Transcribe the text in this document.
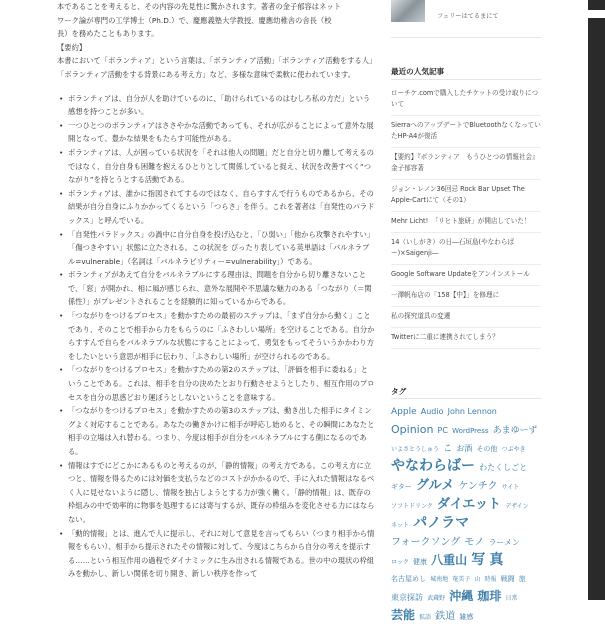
本であることを考えると、その内容の先見性に驚かされます。著者の金子郁容はネット
ワーク論が専門の工学博士（Ph.D.）で、慶應義塾大学教授、慶應幼稚舎の舎長（校
長）を務めたこともあります。

【要約】

本書において「ボランティア」という言葉は、「ボランティア活動」「ボランティア活動をする人」「ボランティア活動をする背景にある考え方」など、多様な意味で柔軟に使われています。

• ボランティアは、自分が人を助けているのに、「助けられているのはむしろ私の方だ」という感想を持つことが多い。
• 一つひとつのボランティアはささやかな活動であっても、それが広がることによって意外な展開となって、豊かな結果をもたらす可能性がある。
• ボランティアは、人が困っている状況を「それは他人の問題」だと自分と切り離して考えるのではなく、自分自身も困難を抱えるひとりとして関係していると捉え、状況を改善すべく“つながり”を持とうとする活動である。
• ボランティアは、誰かに指図されてするのではなく、自らすすんで行うものであるから、その結果が自分自身にふりかかってくるという「つらさ」を伴う。これを著者は「自発性のパラドックス」と呼んでいる。
• 「自発性パラドックス」の渦中に自分自身を投げ込むと、「ひ弱い」「他から攻撃されやすい」「傷つきやすい」状態に立たされる。この状況を ぴったり表している英単語は「バルネラブル=vulnerable」（名詞は「バルネラビリティー=vulnerability」）である。
• ボランティアがあえて自分をバルネラブルにする理由は、問題を自分から切り離さないことで、「窓」が開かれ、相に風が感じられ、意外な展開や不思議な魅力のある「つながり（＝関係性）」がプレゼントされることを経験的に知っているからである。
• 「つながりをつけるプロセス」を動かすための最初のステップは、「まず自分から動く」ことであり、そのことで相手から力をもらうのに「ふさわしい場所」を空けることである。自分からすすんで自らをバルネラブルな状態にすることによって、勇気をもってそういうかかわり方をしたいという意思が相手に伝わり、「ふさわしい場所」が空けられるのである。
• 「つながりをつけるプロセス」を動かすための第2のステップは、「評価を相手に委ねる」ということである。これは、相手を自分の決めたとおり行動させようとしたり、相互作用のプロセスを自分の思惑どおり運ぼうとしないということを意味する。
• 「つながりをつけるプロセス」を動かすための第3のステップは、動き出した相手にタイミングよく対応することである。あなたの働きかけに相手が呼応し始めると、その瞬間にあなたと相手の立場は入れ替わる。つまり、今度は相手が自分をバルネラブルにする側になるのである。
• 情報はすでにどこかにあるものと考えるのが、「静的情報」の考え方である。この考え方に立つと、情報を得るためには対価を支払うなどのコストがかかるので、手に入れた情報はなるべく人に見せないように隠し、情報を独占しようとする力が強く働く。「静的情報」は、既存の枠組みの中で効率的に物事を処理するには寄与するが、既存の枠組みを変化させる力にはならない。
• 「動的情報」とは、進んで人に提示し、それに対して意見を言ってもらい（つまり相手から情報をもらい）、相手から提示されたその情報に対して、今度はこちらから自分の考えを提示する……という相互作用の過程でダイナミックに生み出される情報である。世の中の現状の枠組みを動かし、新しい関係を切り開き、新しい秩序を作って
フェリーはてるまにて
最近の人気記事
ローチケ.comで購入したチケットの受け取りについて
SierraへのアップデートでBluetoothなくなっていたHP-A4が復活
【要約】『ボランティア　もうひとつの情報社会』　金子郁容著
ジョン・レノン36回忌 Rock Bar Upset The Apple-Cartにて（その1）
Mehr Licht!　「リヒト旅研」が開店していた！
14（いしがき）の日―石垣島(やなわらばー)×Saigenji―
Google Software Updateをアンインストール
一澤帆布店の「158【中】」を修理に
私の探究道具の変遷
Twitterに二重に連携されてしまう？
タグ
Apple Audio John Lennon Opinion PC WordPress あまゆーず いよさとうしゅう こ お酒 その他 つぶやき やなわらばー わたくしごと ギター グルメ ケンチク サイト ソフトドリンク ダイエット デザイン ネット パノラマ フォークソング モノ ラーメン ロック 健康 八重山 写 真 名古屋めし 城南地 奄美子 山 時報 戦闘 旅 東京探訪 武蔵野 沖縄 珈琲 日常 芸能 拡語 鉄道 雑感
